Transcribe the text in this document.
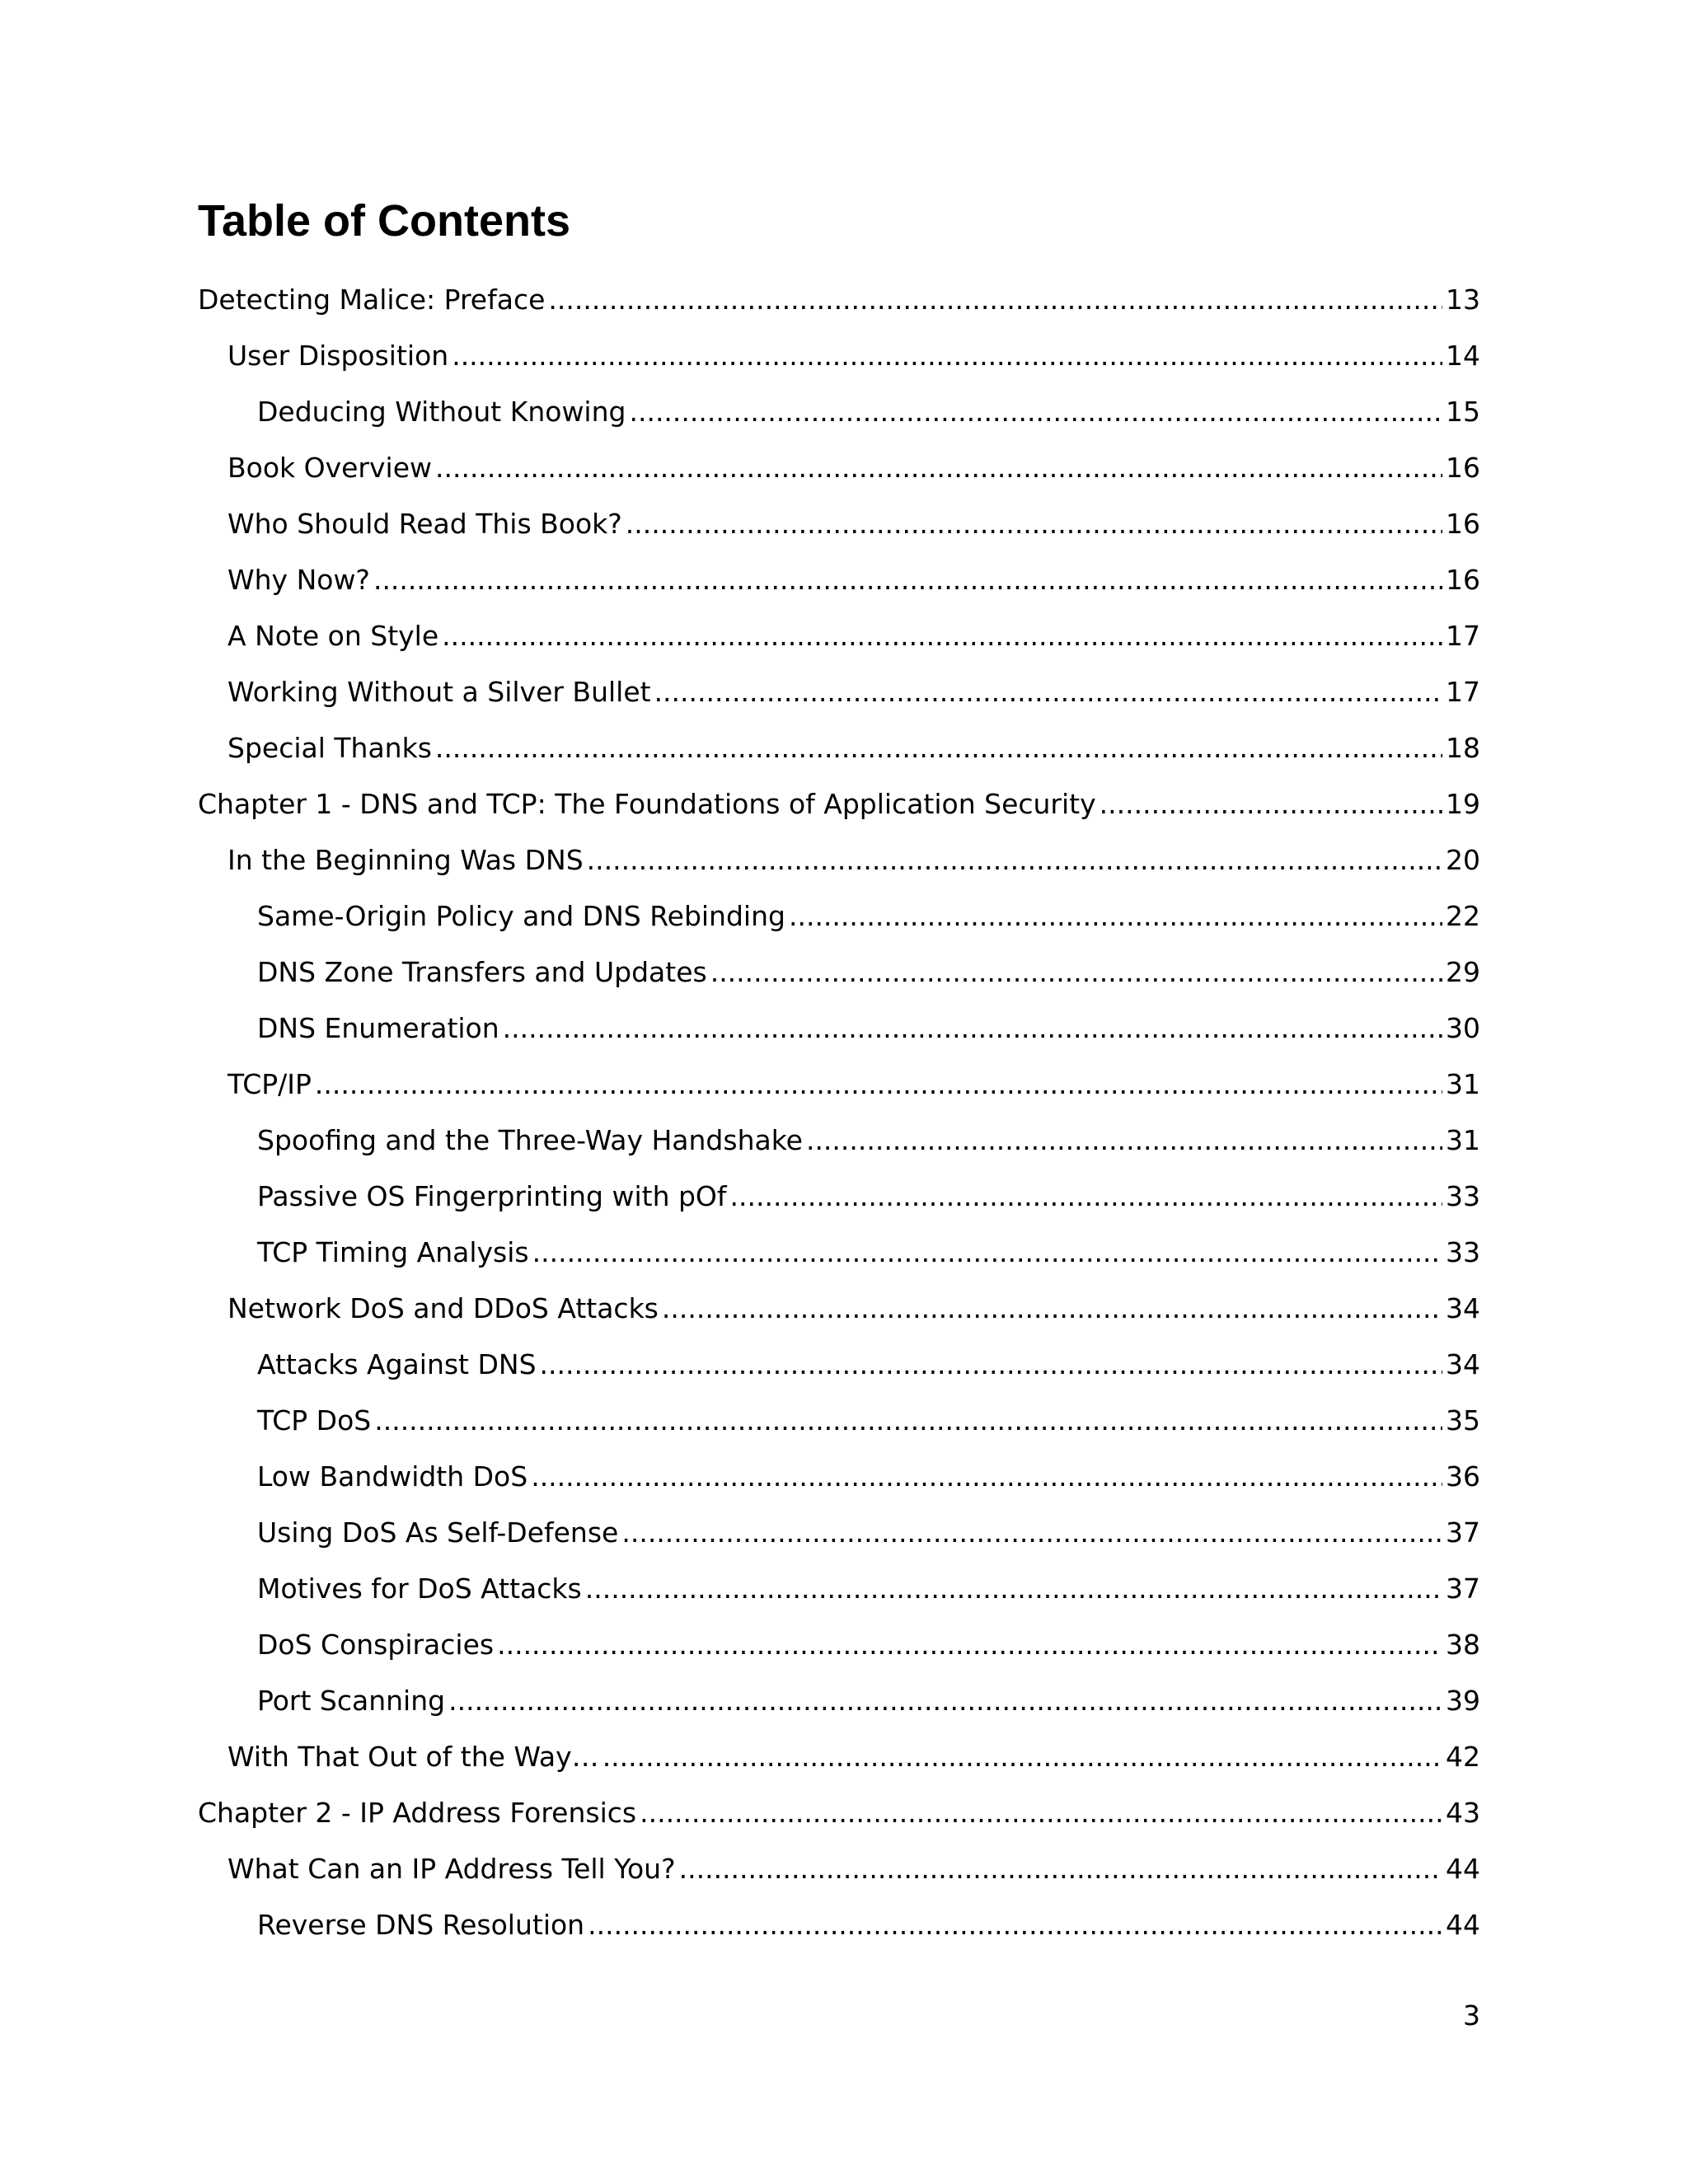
Table of Contents
Detecting Malice: Preface .....	13
User Disposition .....	14
Deducing Without Knowing .....	15
Book Overview .....	16
Who Should Read This Book? .....	16
Why Now? .....	16
A Note on Style .....	17
Working Without a Silver Bullet .....	17
Special Thanks .....	18
Chapter 1 - DNS and TCP: The Foundations of Application Security .....	19
In the Beginning Was DNS .....	20
Same-Origin Policy and DNS Rebinding .....	22
DNS Zone Transfers and Updates .....	29
DNS Enumeration .....	30
TCP/IP .....	31
Spoofing and the Three-Way Handshake .....	31
Passive OS Fingerprinting with pOf .....	33
TCP Timing Analysis .....	33
Network DoS and DDoS Attacks .....	34
Attacks Against DNS .....	34
TCP DoS .....	35
Low Bandwidth DoS .....	36
Using DoS As Self-Defense .....	37
Motives for DoS Attacks .....	37
DoS Conspiracies .....	38
Port Scanning .....	39
With That Out of the Way… .....	42
Chapter 2 - IP Address Forensics .....	43
What Can an IP Address Tell You? .....	44
Reverse DNS Resolution .....	44
3
